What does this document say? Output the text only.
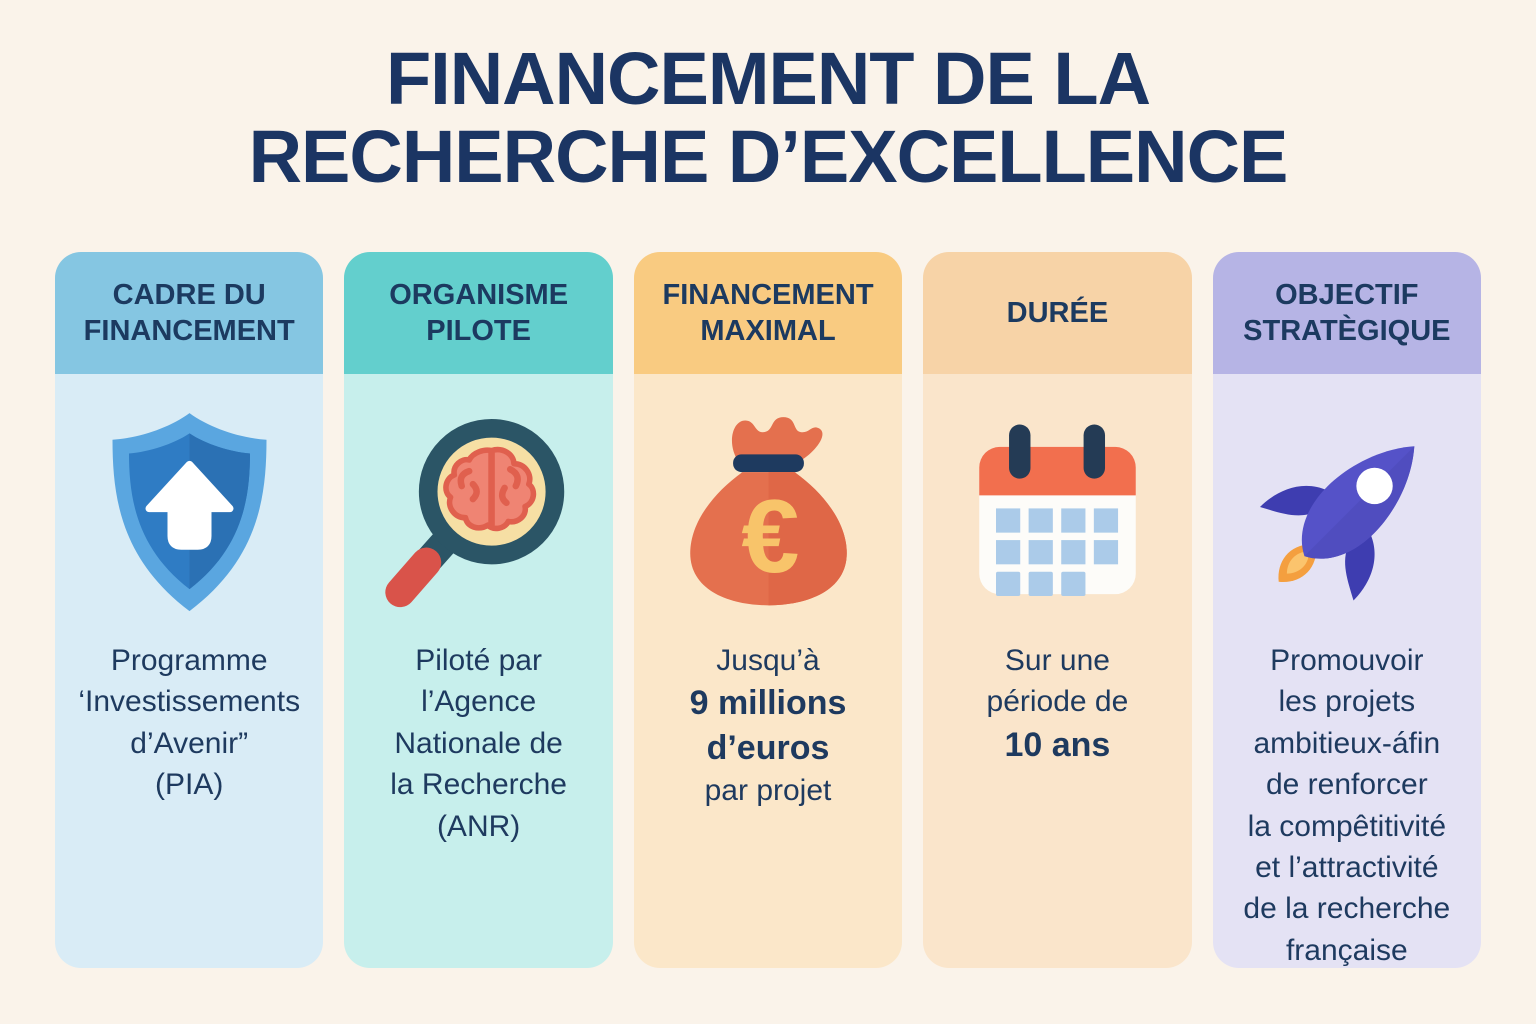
FINANCEMENT DE LA
RECHERCHE D’EXCELLENCE
CADRE DU FINANCEMENT
Programme
‘Investissements
d’Avenir”
(PIA)
ORGANISME PILOTE
Piloté par
l’Agence
Nationale de
la Recherche
(ANR)
FINANCEMENT MAXIMAL
€
Jusqu’à
9 millions
d’euros
par projet
DURÉE
Sur une
période de
10 ans
OBJECTIF STRATÈGIQUE
Promouvoir
les projets
ambitieux-áfin
de renforcer
la compêtitivité
et l’attractivité
de la recherche
française
